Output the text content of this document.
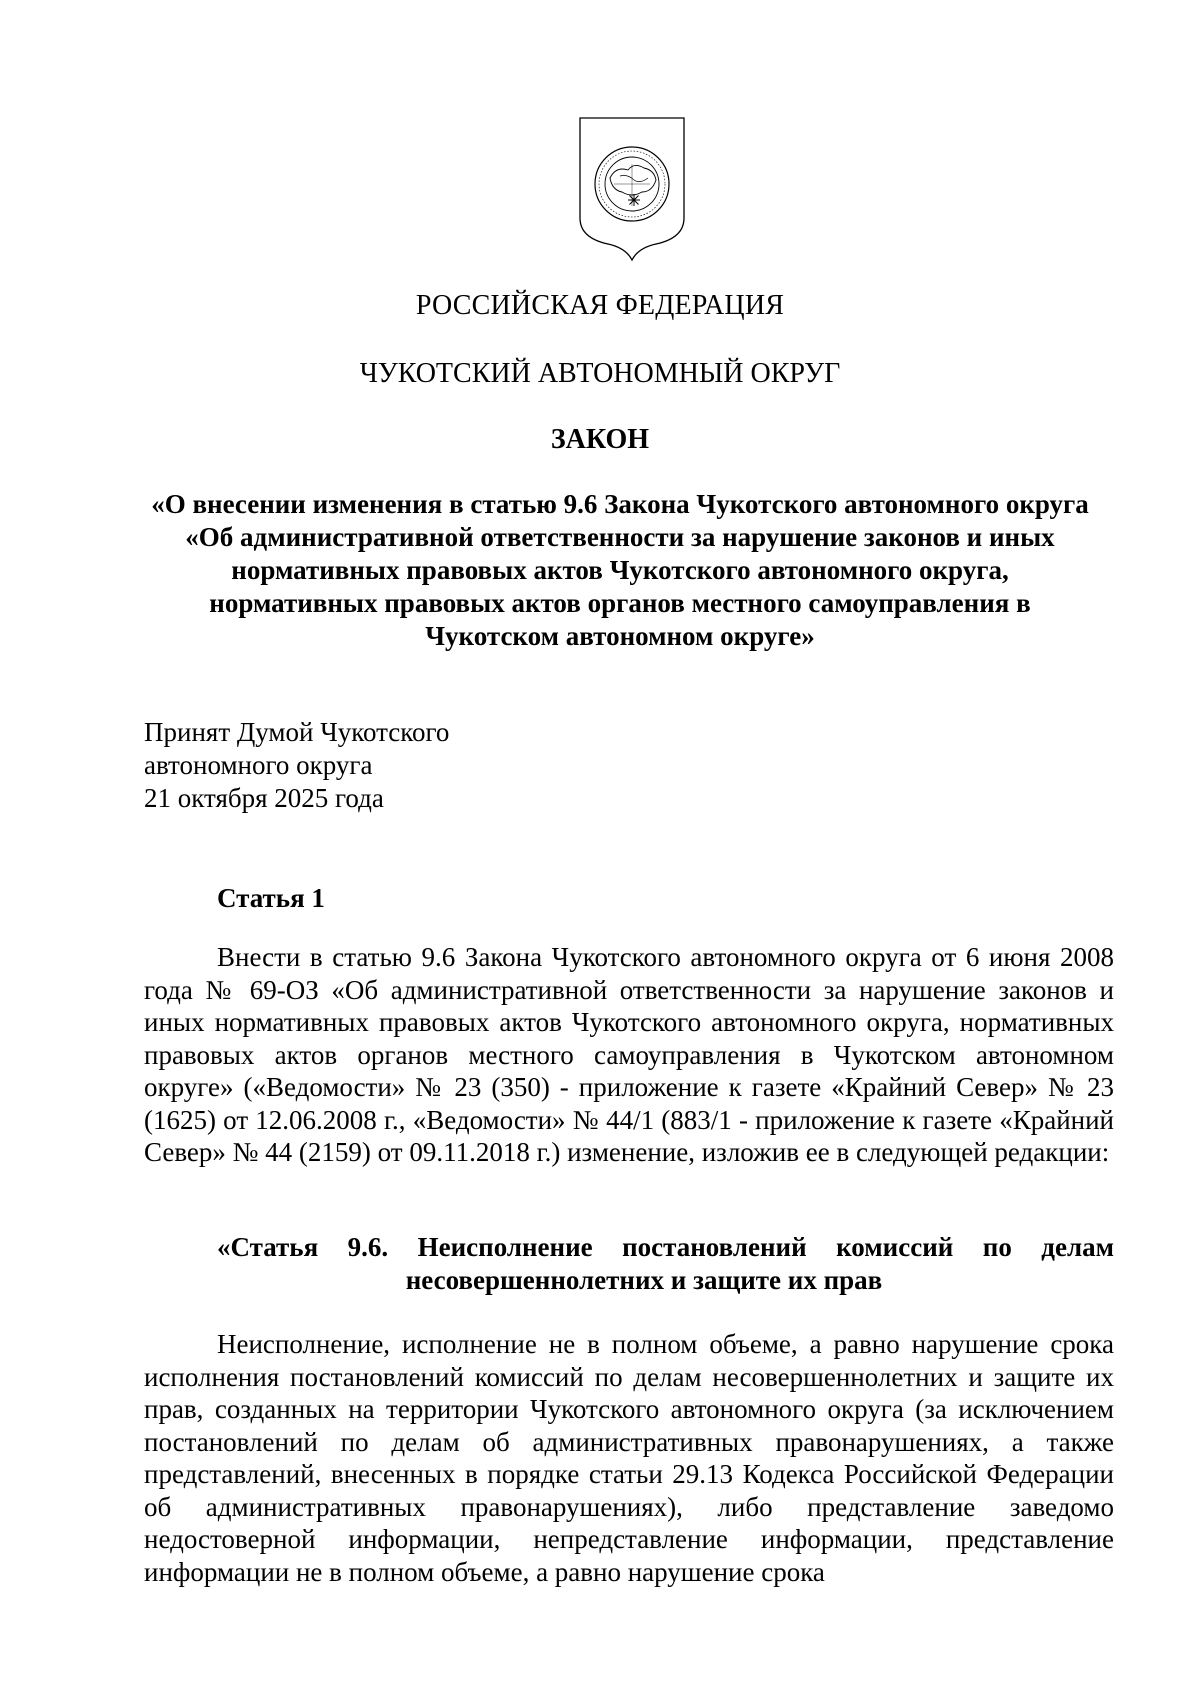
РОССИЙСКАЯ ФЕДЕРАЦИЯ
ЧУКОТСКИЙ АВТОНОМНЫЙ ОКРУГ
ЗАКОН
«О внесении изменения в статью 9.6 Закона Чукотского автономного округа «Об административной ответственности за нарушение законов и иных нормативных правовых актов Чукотского автономного округа, нормативных правовых актов органов местного самоуправления в Чукотском автономном округе»
Принят Думой Чукотского
автономного округа
21 октября 2025 года
Статья 1
Внести в статью 9.6 Закона Чукотского автономного округа от 6 июня 2008 года № 69-ОЗ «Об административной ответственности за нарушение законов и иных нормативных правовых актов Чукотского автономного округа, нормативных правовых актов органов местного самоуправления в Чукотском автономном округе» («Ведомости» № 23 (350) - приложение к газете «Крайний Север» № 23 (1625) от 12.06.2008 г., «Ведомости» № 44/1 (883/1 - приложение к газете «Крайний Север» № 44 (2159) от 09.11.2018 г.) изменение, изложив ее в следующей редакции:
«Статья 9.6. Неисполнение постановлений комиссий по делам
несовершеннолетних и защите их прав
Неисполнение, исполнение не в полном объеме, а равно нарушение срока исполнения постановлений комиссий по делам несовершеннолетних и защите их прав, созданных на территории Чукотского автономного округа (за исключением постановлений по делам об административных правонарушениях, а также представлений, внесенных в порядке статьи 29.13 Кодекса Российской Федерации об административных правонарушениях), либо представление заведомо недостоверной информации, непредставление информации, представление информации не в полном объеме, а равно нарушение срока
